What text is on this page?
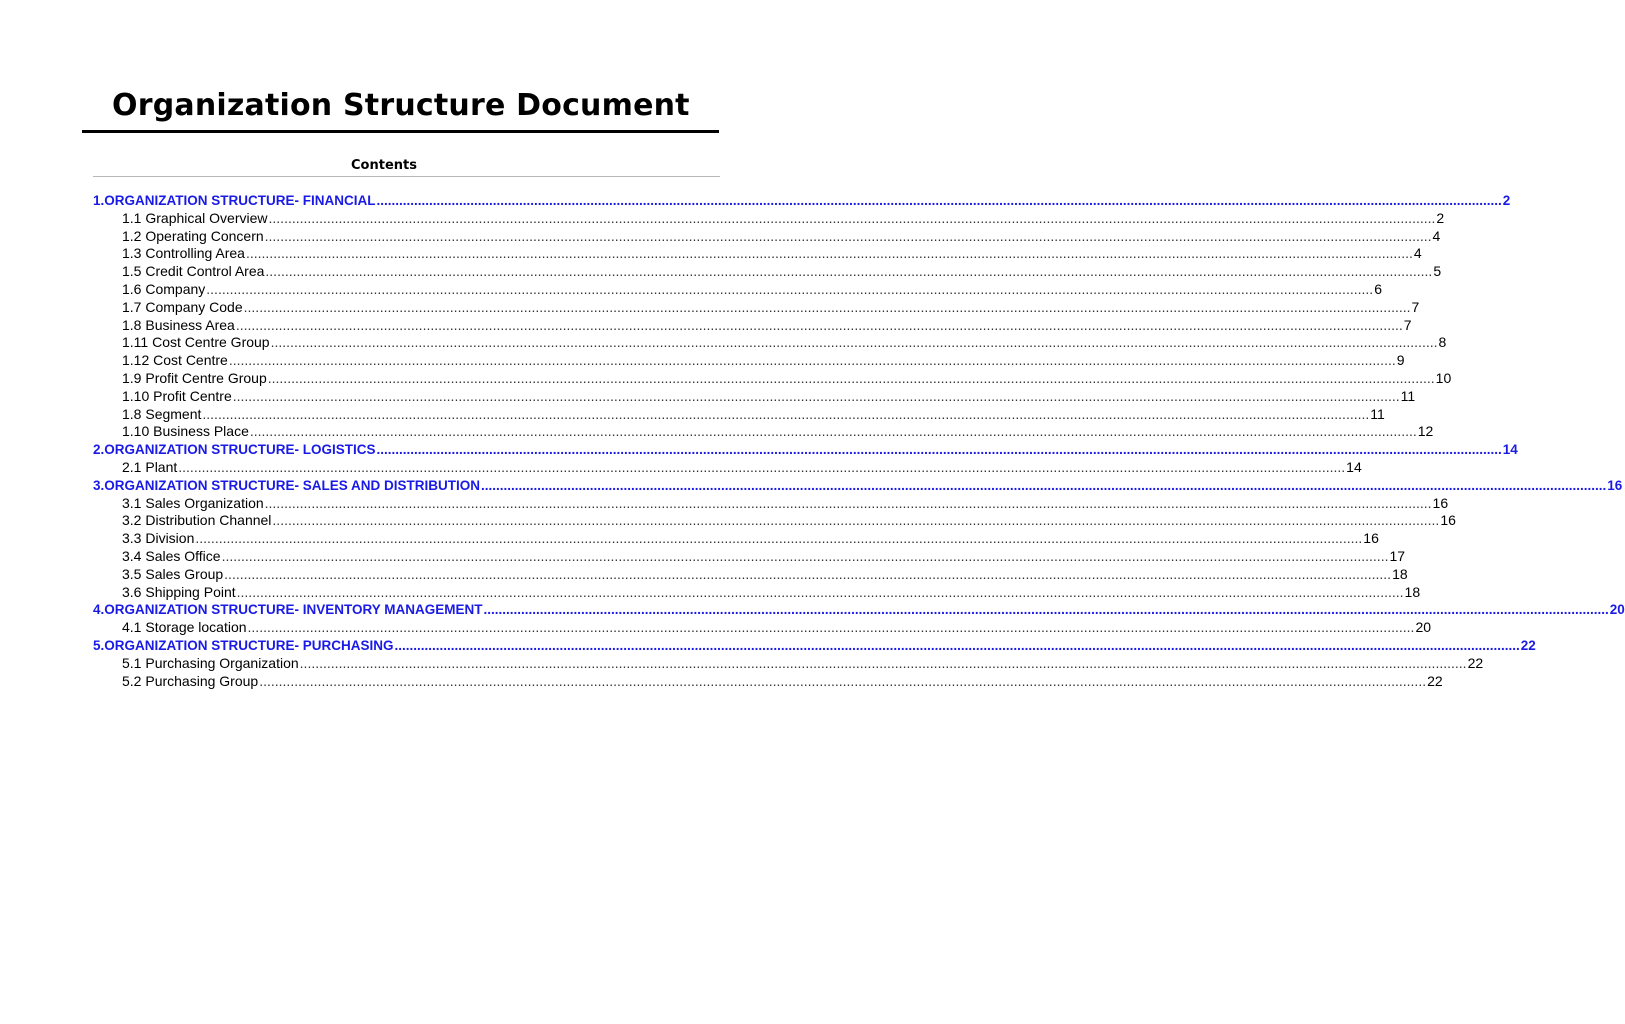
Organization Structure Document
Contents
1.ORGANIZATION STRUCTURE- FINANCIAL ............................................................................................................................................................................................................................................................................................................ 2
1.1 Graphical Overview ............................................................................................................................................................................................................................................................................................................ 2
1.2 Operating Concern ............................................................................................................................................................................................................................................................................................................ 4
1.3 Controlling Area ............................................................................................................................................................................................................................................................................................................ 4
1.5 Credit Control Area ............................................................................................................................................................................................................................................................................................................ 5
1.6 Company ............................................................................................................................................................................................................................................................................................................ 6
1.7 Company Code ............................................................................................................................................................................................................................................................................................................ 7
1.8 Business Area ............................................................................................................................................................................................................................................................................................................ 7
1.11 Cost Centre Group ............................................................................................................................................................................................................................................................................................................ 8
1.12 Cost Centre ............................................................................................................................................................................................................................................................................................................ 9
1.9 Profit Centre Group ............................................................................................................................................................................................................................................................................................................ 10
1.10 Profit Centre ............................................................................................................................................................................................................................................................................................................ 11
1.8 Segment ............................................................................................................................................................................................................................................................................................................ 11
1.10 Business Place ............................................................................................................................................................................................................................................................................................................ 12
2.ORGANIZATION STRUCTURE- LOGISTICS ............................................................................................................................................................................................................................................................................................................ 14
2.1 Plant ............................................................................................................................................................................................................................................................................................................ 14
3.ORGANIZATION STRUCTURE- SALES AND DISTRIBUTION ............................................................................................................................................................................................................................................................................................................ 16
3.1 Sales Organization ............................................................................................................................................................................................................................................................................................................ 16
3.2 Distribution Channel ............................................................................................................................................................................................................................................................................................................ 16
3.3 Division ............................................................................................................................................................................................................................................................................................................ 16
3.4 Sales Office ............................................................................................................................................................................................................................................................................................................ 17
3.5 Sales Group ............................................................................................................................................................................................................................................................................................................ 18
3.6 Shipping Point ............................................................................................................................................................................................................................................................................................................ 18
4.ORGANIZATION STRUCTURE- INVENTORY MANAGEMENT ............................................................................................................................................................................................................................................................................................................ 20
4.1 Storage location ............................................................................................................................................................................................................................................................................................................ 20
5.ORGANIZATION STRUCTURE- PURCHASING ............................................................................................................................................................................................................................................................................................................ 22
5.1 Purchasing Organization ............................................................................................................................................................................................................................................................................................................ 22
5.2 Purchasing Group ............................................................................................................................................................................................................................................................................................................ 22
